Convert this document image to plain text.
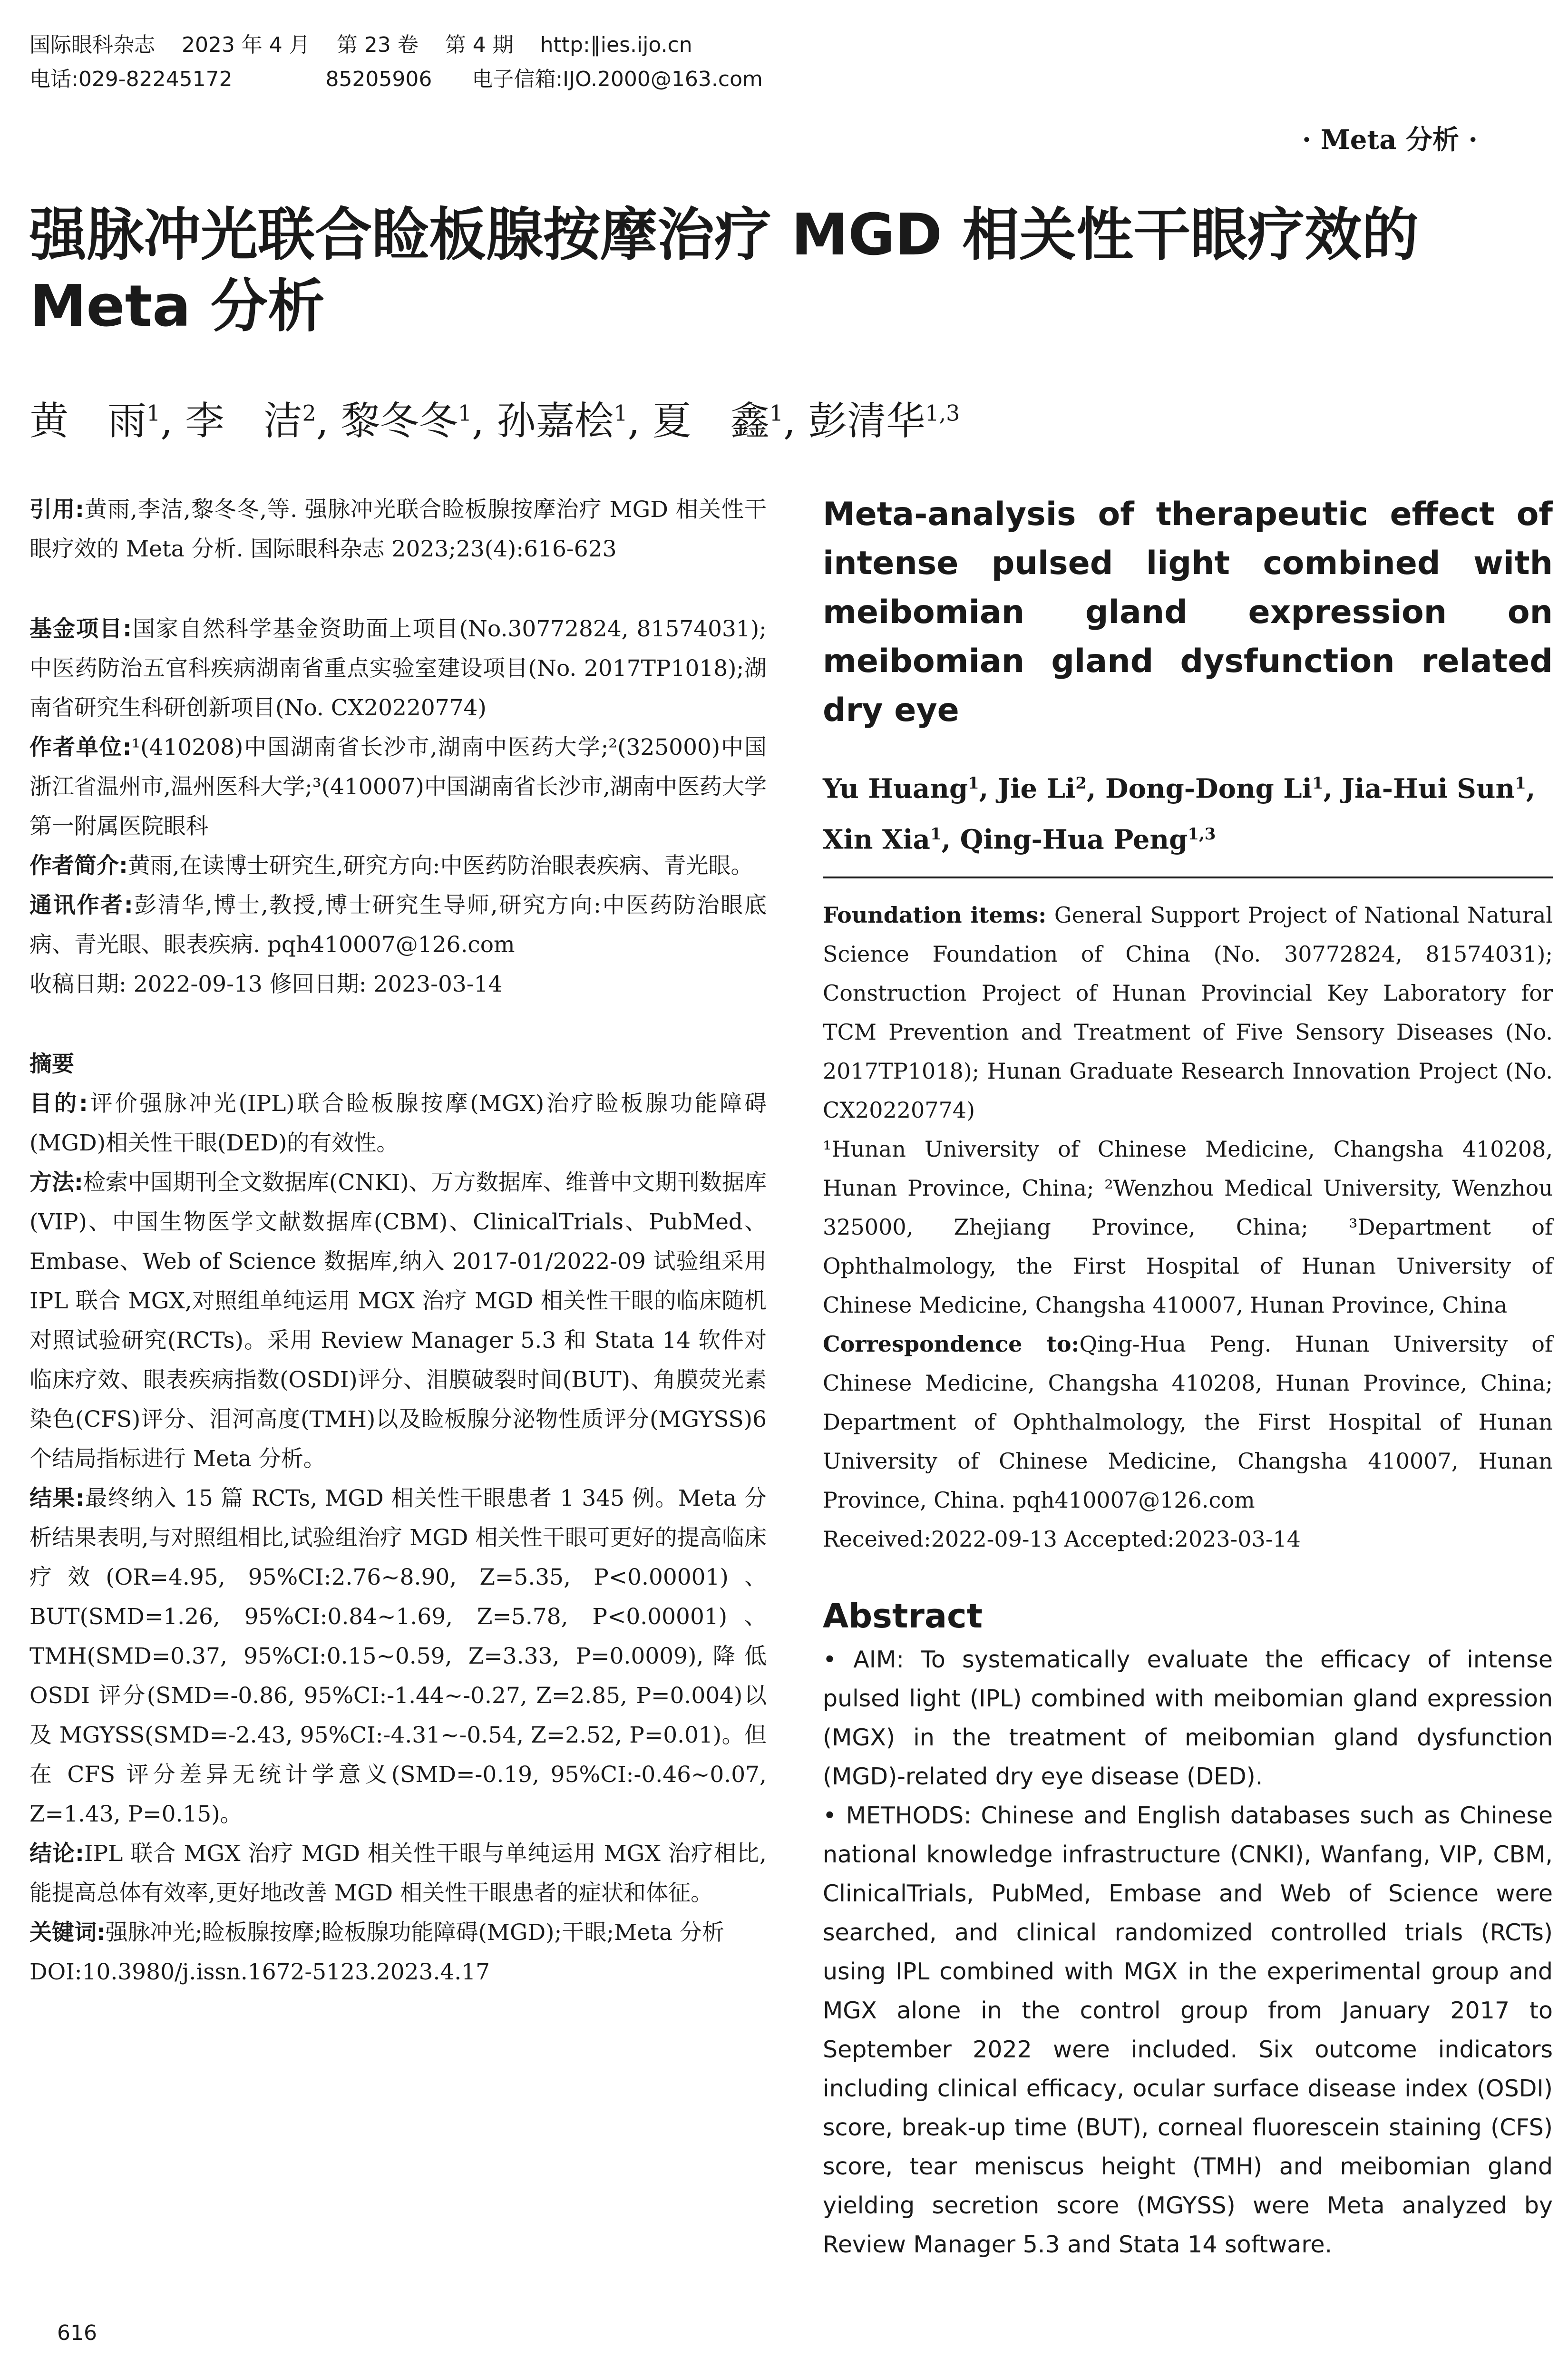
国际眼科杂志    2023 年 4 月    第 23 卷    第 4 期    http:∥ies.ijo.cn
电话:029-82245172              85205906      电子信箱:IJO.2000@163.com
· Meta 分析 ·
强脉冲光联合睑板腺按摩治疗 MGD 相关性干眼疗效的 Meta 分析
黄　雨$^1$, 李　洁$^2$, 黎冬冬$^1$, 孙嘉桧$^1$, 夏　鑫$^1$, 彭清华$^{1,3}$

引用:黄雨,李洁,黎冬冬,等. 强脉冲光联合睑板腺按摩治疗 MGD 相关性干眼疗效的 Meta 分析. 国际眼科杂志 2023;23(4):616-623

基金项目:国家自然科学基金资助面上项目(No.30772824, 81574031);中医药防治五官科疾病湖南省重点实验室建设项目(No. 2017TP1018);湖南省研究生科研创新项目(No. CX20220774)

作者单位:¹(410208)中国湖南省长沙市,湖南中医药大学;²(325000)中国浙江省温州市,温州医科大学;³(410007)中国湖南省长沙市,湖南中医药大学第一附属医院眼科

作者简介:黄雨,在读博士研究生,研究方向:中医药防治眼表疾病、青光眼。

通讯作者:彭清华,博士,教授,博士研究生导师,研究方向:中医药防治眼底病、青光眼、眼表疾病. pqh410007@126.com

收稿日期: 2022-09-13 修回日期: 2023-03-14

摘要

目的:评价强脉冲光(IPL)联合睑板腺按摩(MGX)治疗睑板腺功能障碍(MGD)相关性干眼(DED)的有效性。

方法:检索中国期刊全文数据库(CNKI)、万方数据库、维普中文期刊数据库(VIP)、中国生物医学文献数据库(CBM)、ClinicalTrials、PubMed、Embase、Web of Science 数据库,纳入 2017-01/2022-09 试验组采用 IPL 联合 MGX,对照组单纯运用 MGX 治疗 MGD 相关性干眼的临床随机对照试验研究(RCTs)。采用 Review Manager 5.3 和 Stata 14 软件对临床疗效、眼表疾病指数(OSDI)评分、泪膜破裂时间(BUT)、角膜荧光素染色(CFS)评分、泪河高度(TMH)以及睑板腺分泌物性质评分(MGYSS)6 个结局指标进行 Meta 分析。

结果:最终纳入 15 篇 RCTs, MGD 相关性干眼患者 1 345 例。Meta 分析结果表明,与对照组相比,试验组治疗 MGD 相关性干眼可更好的提高临床疗效(OR=4.95, 95%CI:2.76~8.90, Z=5.35, P<0.00001)、BUT(SMD=1.26, 95%CI:0.84~1.69, Z=5.78, P<0.00001)、TMH(SMD=0.37, 95%CI:0.15~0.59, Z=3.33, P=0.0009),降低 OSDI 评分(SMD=-0.86, 95%CI:-1.44~-0.27, Z=2.85, P=0.004)以及 MGYSS(SMD=-2.43, 95%CI:-4.31~-0.54, Z=2.52, P=0.01)。但在 CFS 评分差异无统计学意义(SMD=-0.19, 95%CI:-0.46~0.07, Z=1.43, P=0.15)。

结论:IPL 联合 MGX 治疗 MGD 相关性干眼与单纯运用 MGX 治疗相比,能提高总体有效率,更好地改善 MGD 相关性干眼患者的症状和体征。

关键词:强脉冲光;睑板腺按摩;睑板腺功能障碍(MGD);干眼;Meta 分析

DOI:10.3980/j.issn.1672-5123.2023.4.17

Meta-analysis of therapeutic effect of intense pulsed light combined with meibomian gland expression on meibomian gland dysfunction related dry eye

Yu Huang$^1$, Jie Li$^2$, Dong-Dong Li$^1$, Jia-Hui Sun$^1$, Xin Xia$^1$, Qing-Hua Peng$^{1,3}$

Foundation items: General Support Project of National Natural Science Foundation of China (No. 30772824, 81574031); Construction Project of Hunan Provincial Key Laboratory for TCM Prevention and Treatment of Five Sensory Diseases (No. 2017TP1018); Hunan Graduate Research Innovation Project (No. CX20220774)

¹Hunan University of Chinese Medicine, Changsha 410208, Hunan Province, China; ²Wenzhou Medical University, Wenzhou 325000, Zhejiang Province, China; ³Department of Ophthalmology, the First Hospital of Hunan University of Chinese Medicine, Changsha 410007, Hunan Province, China

Correspondence to:Qing-Hua Peng. Hunan University of Chinese Medicine, Changsha 410208, Hunan Province, China; Department of Ophthalmology, the First Hospital of Hunan University of Chinese Medicine, Changsha 410007, Hunan Province, China. pqh410007@126.com

Received:2022-09-13 Accepted:2023-03-14

Abstract

• AIM: To systematically evaluate the efficacy of intense pulsed light (IPL) combined with meibomian gland expression (MGX) in the treatment of meibomian gland dysfunction (MGD)-related dry eye disease (DED).

• METHODS: Chinese and English databases such as Chinese national knowledge infrastructure (CNKI), Wanfang, VIP, CBM, ClinicalTrials, PubMed, Embase and Web of Science were searched, and clinical randomized controlled trials (RCTs) using IPL combined with MGX in the experimental group and MGX alone in the control group from January 2017 to September 2022 were included. Six outcome indicators including clinical efficacy, ocular surface disease index (OSDI) score, break-up time (BUT), corneal fluorescein staining (CFS) score, tear meniscus height (TMH) and meibomian gland yielding secretion score (MGYSS) were Meta analyzed by Review Manager 5.3 and Stata 14 software.

616
